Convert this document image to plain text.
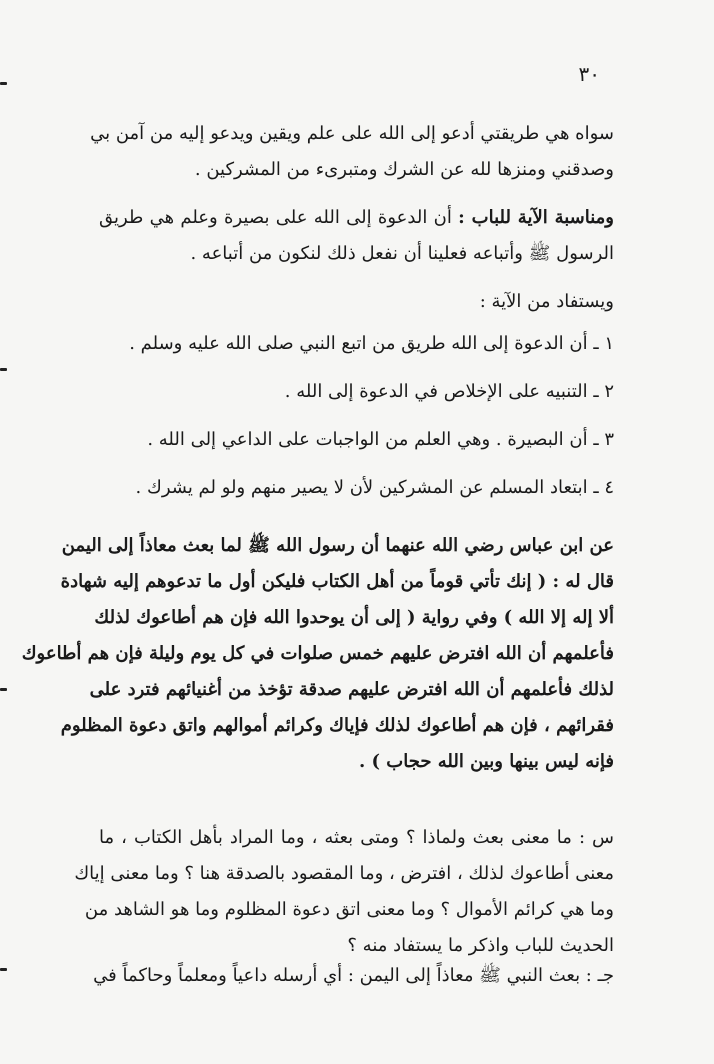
٣٠
سواه هي طريقتي أدعو إلى الله على علم ويقين ويدعو إليه من آمن بي
وصدقني ومنزها لله عن الشرك ومتبرىء من المشركين .
ومناسبة الآية للباب : أن الدعوة إلى الله على بصيرة وعلم هي طريق
الرسول ﷺ وأتباعه فعلينا أن نفعل ذلك لنكون من أتباعه .
ويستفاد من الآية :
١ ـ أن الدعوة إلى الله طريق من اتبع النبي صلى الله عليه وسلم .
٢ ـ التنبيه على الإخلاص في الدعوة إلى الله .
٣ ـ أن البصيرة . وهي العلم من الواجبات على الداعي إلى الله .
٤ ـ ابتعاد المسلم عن المشركين لأن لا يصير منهم ولو لم يشرك .
عن ابن عباس رضي الله عنهما أن رسول الله ﷺ لما بعث معاذاً إلى اليمن
قال له : ( إنك تأتي قوماً من أهل الكتاب فليكن أول ما تدعوهم إليه شهادة
ألا إله إلا الله ) وفي رواية ( إلى أن يوحدوا الله فإن هم أطاعوك لذلك
فأعلمهم أن الله افترض عليهم خمس صلوات في كل يوم وليلة فإن هم أطاعوك
لذلك فأعلمهم أن الله افترض عليهم صدقة تؤخذ من أغنيائهم فترد على
فقرائهم ، فإن هم أطاعوك لذلك فإياك وكرائم أموالهم واتق دعوة المظلوم
فإنه ليس بينها وبين الله حجاب ) .
س : ما معنى بعث ولماذا ؟ ومتى بعثه ، وما المراد بأهل الكتاب ، ما
معنى أطاعوك لذلك ، افترض ، وما المقصود بالصدقة هنا ؟ وما معنى إياك
وما هي كرائم الأموال ؟ وما معنى اتق دعوة المظلوم وما هو الشاهد من
الحديث للباب واذكر ما يستفاد منه ؟
جـ : بعث النبي ﷺ معاذاً إلى اليمن : أي أرسله داعياً ومعلماً وحاكماً في
